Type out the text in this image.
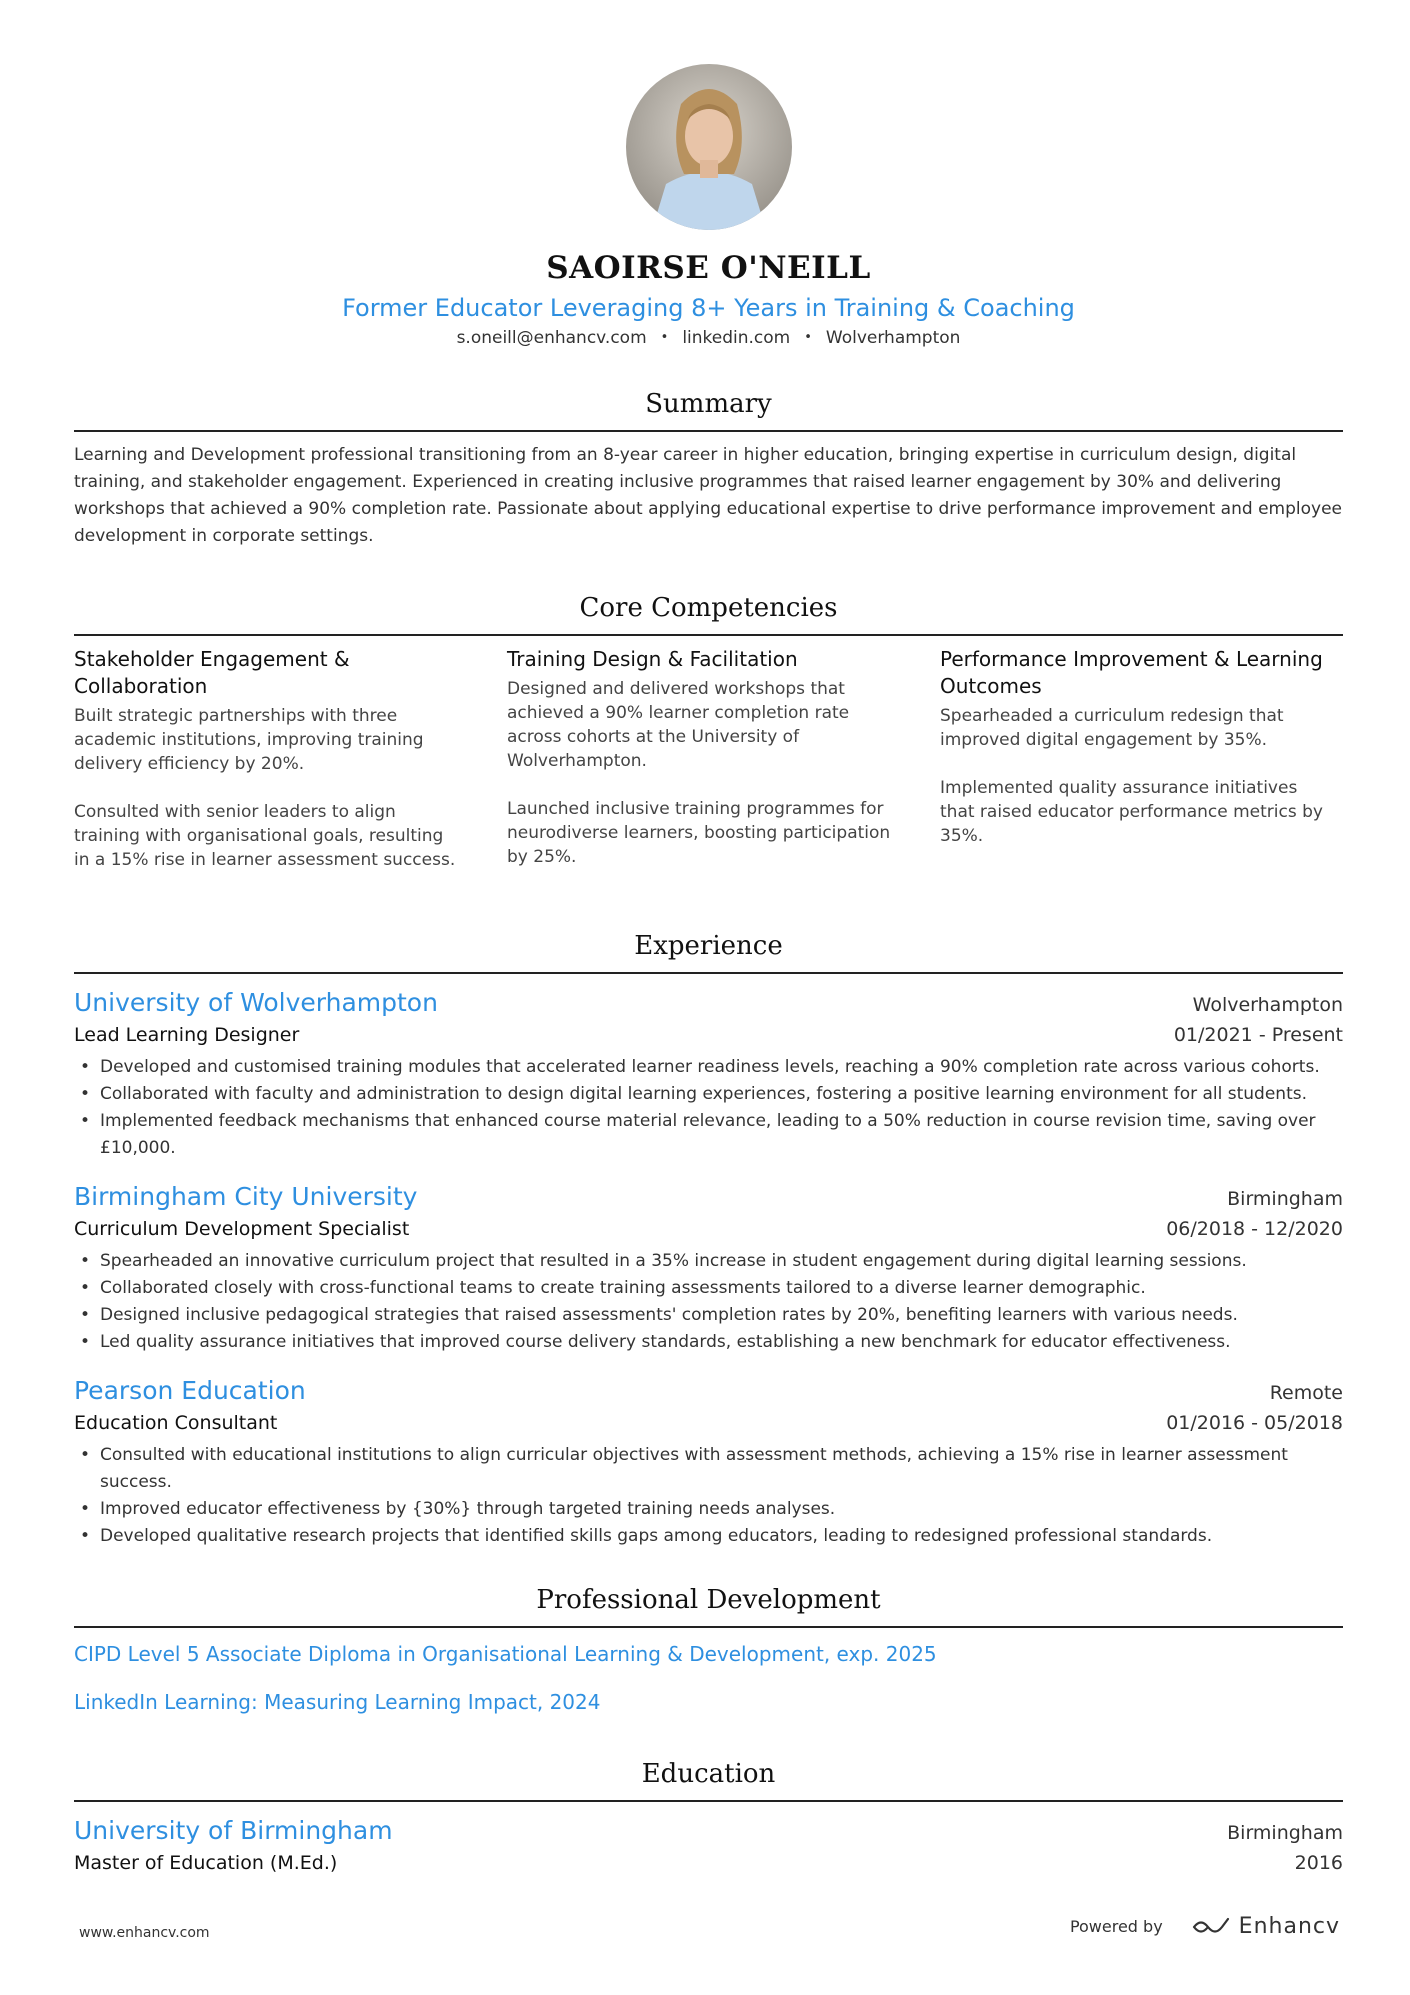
SAOIRSE O'NEILL
Former Educator Leveraging 8+ Years in Training & Coaching
s.oneill@enhancv.com • linkedin.com • Wolverhampton
Summary
Learning and Development professional transitioning from an 8-year career in higher education, bringing expertise in curriculum design, digital training, and stakeholder engagement. Experienced in creating inclusive programmes that raised learner engagement by 30% and delivering workshops that achieved a 90% completion rate. Passionate about applying educational expertise to drive performance improvement and employee development in corporate settings.
Core Competencies
Stakeholder Engagement & Collaboration
Built strategic partnerships with three academic institutions, improving training delivery efficiency by 20%.
Consulted with senior leaders to align training with organisational goals, resulting in a 15% rise in learner assessment success.
Training Design & Facilitation
Designed and delivered workshops that achieved a 90% learner completion rate across cohorts at the University of Wolverhampton.
Launched inclusive training programmes for neurodiverse learners, boosting participation by 25%.
Performance Improvement & Learning Outcomes
Spearheaded a curriculum redesign that improved digital engagement by 35%.
Implemented quality assurance initiatives that raised educator performance metrics by 35%.
Experience
University of Wolverhampton	Wolverhampton
Lead Learning Designer	01/2021 - Present
• Developed and customised training modules that accelerated learner readiness levels, reaching a 90% completion rate across various cohorts.
• Collaborated with faculty and administration to design digital learning experiences, fostering a positive learning environment for all students.
• Implemented feedback mechanisms that enhanced course material relevance, leading to a 50% reduction in course revision time, saving over £10,000.
Birmingham City University	Birmingham
Curriculum Development Specialist	06/2018 - 12/2020
• Spearheaded an innovative curriculum project that resulted in a 35% increase in student engagement during digital learning sessions.
• Collaborated closely with cross-functional teams to create training assessments tailored to a diverse learner demographic.
• Designed inclusive pedagogical strategies that raised assessments' completion rates by 20%, benefiting learners with various needs.
• Led quality assurance initiatives that improved course delivery standards, establishing a new benchmark for educator effectiveness.
Pearson Education	Remote
Education Consultant	01/2016 - 05/2018
• Consulted with educational institutions to align curricular objectives with assessment methods, achieving a 15% rise in learner assessment success.
• Improved educator effectiveness by {30%} through targeted training needs analyses.
• Developed qualitative research projects that identified skills gaps among educators, leading to redesigned professional standards.
Professional Development
CIPD Level 5 Associate Diploma in Organisational Learning & Development, exp. 2025
LinkedIn Learning: Measuring Learning Impact, 2024
Education
University of Birmingham	Birmingham
Master of Education (M.Ed.)	2016
www.enhancv.com	Powered by	Enhancv
